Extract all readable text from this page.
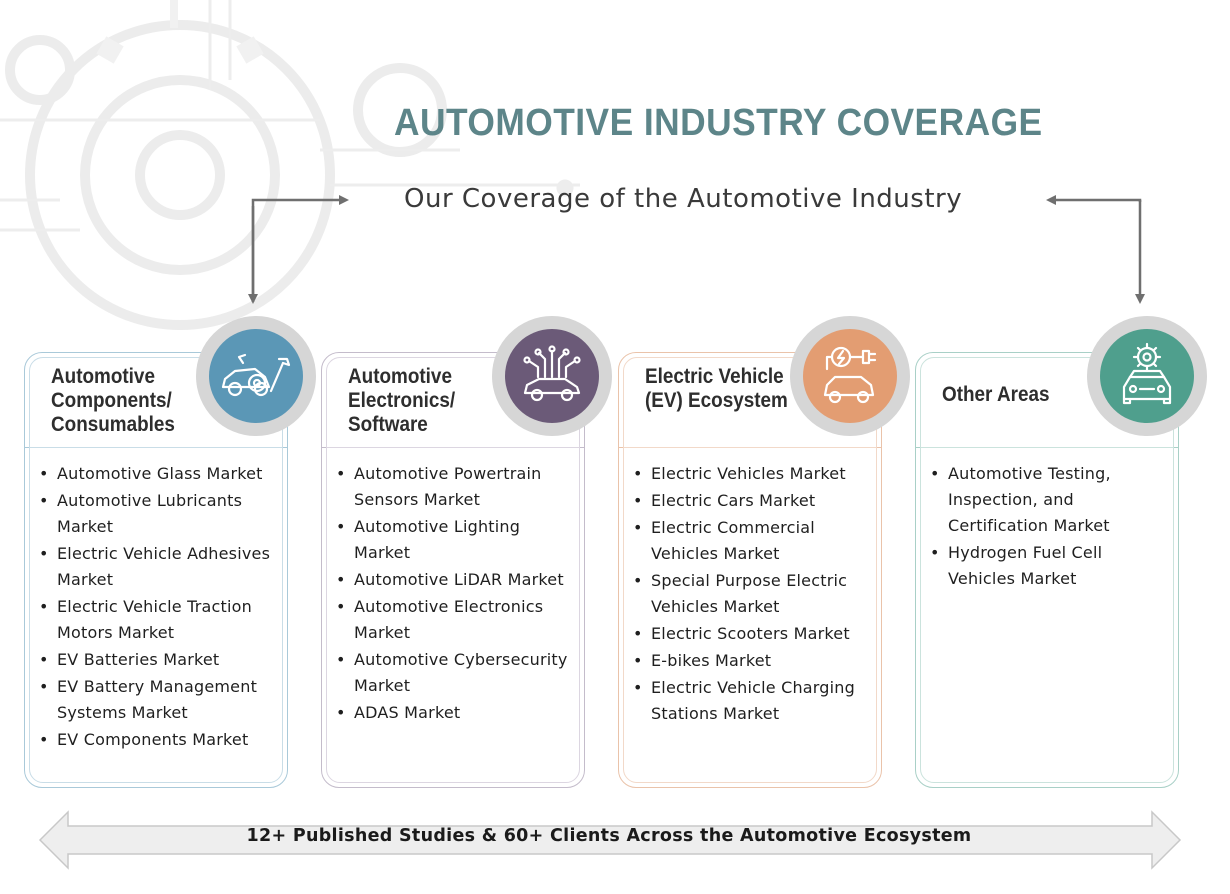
AUTOMOTIVE INDUSTRY COVERAGE
Our Coverage of the Automotive Industry
Automotive Components/ Consumables
• Automotive Glass Market
• Automotive Lubricants Market
• Electric Vehicle Adhesives Market
• Electric Vehicle Traction Motors Market
• EV Batteries Market
• EV Battery Management Systems Market
• EV Components Market
Automotive Electronics/ Software
• Automotive Powertrain Sensors Market
• Automotive Lighting Market
• Automotive LiDAR Market
• Automotive Electronics Market
• Automotive Cybersecurity Market
• ADAS Market
Electric Vehicle (EV) Ecosystem
• Electric Vehicles Market
• Electric Cars Market
• Electric Commercial Vehicles Market
• Special Purpose Electric Vehicles Market
• Electric Scooters Market
• E-bikes Market
• Electric Vehicle Charging Stations Market
Other Areas
• Automotive Testing, Inspection, and Certification Market
• Hydrogen Fuel Cell Vehicles Market
12+ Published Studies & 60+ Clients Across the Automotive Ecosystem
